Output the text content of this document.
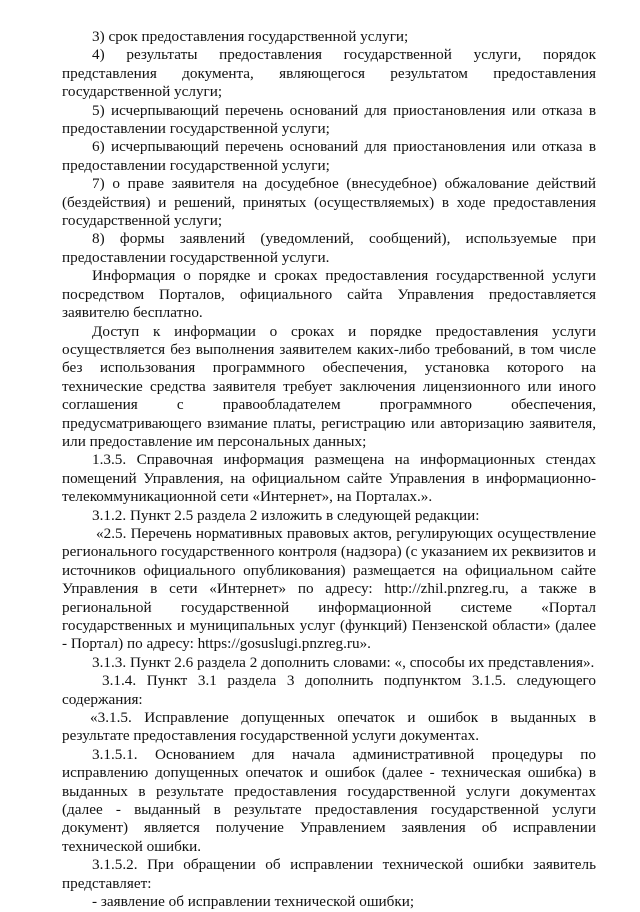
3) срок предоставления государственной услуги;

4) результаты предоставления государственной услуги, порядок представления документа, являющегося результатом предоставления государственной услуги;

5) исчерпывающий перечень оснований для приостановления или отказа в предоставлении государственной услуги;

6) исчерпывающий перечень оснований для приостановления или отказа в предоставлении государственной услуги;

7) о праве заявителя на досудебное (внесудебное) обжалование действий (бездействия) и решений, принятых (осуществляемых) в ходе предоставления государственной услуги;

8) формы заявлений (уведомлений, сообщений), используемые при предоставлении государственной услуги.

Информация о порядке и сроках предоставления государственной услуги посредством Порталов, официального сайта Управления предоставляется заявителю бесплатно.

Доступ к информации о сроках и порядке предоставления услуги осуществляется без выполнения заявителем каких-либо требований, в том числе без использования программного обеспечения, установка которого на технические средства заявителя требует заключения лицензионного или иного соглашения с правообладателем программного обеспечения, предусматривающего взимание платы, регистрацию или авторизацию заявителя, или предоставление им персональных данных;

1.3.5. Справочная информация размещена на информационных стендах помещений Управления, на официальном сайте Управления в информационно-телекоммуникационной сети «Интернет», на Порталах.».

3.1.2. Пункт 2.5 раздела 2 изложить в следующей редакции:

«2.5. Перечень нормативных правовых актов, регулирующих осуществление регионального государственного контроля (надзора) (с указанием их реквизитов и источников официального опубликования) размещается на официальном сайте Управления в сети «Интернет» по адресу: http://zhil.pnzreg.ru, а также в региональной государственной информационной системе «Портал государственных и муниципальных услуг (функций) Пензенской области» (далее - Портал) по адресу: https://gosuslugi.pnzreg.ru».

3.1.3. Пункт 2.6 раздела 2 дополнить словами: «, способы их представления».

3.1.4. Пункт 3.1 раздела 3 дополнить подпунктом 3.1.5. следующего содержания:

«3.1.5. Исправление допущенных опечаток и ошибок в выданных в результате предоставления государственной услуги документах.

3.1.5.1. Основанием для начала административной процедуры по исправлению допущенных опечаток и ошибок (далее - техническая ошибка) в выданных в результате предоставления государственной услуги документах (далее - выданный в результате предоставления государственной услуги документ) является получение Управлением заявления об исправлении технической ошибки.

3.1.5.2. При обращении об исправлении технической ошибки заявитель представляет:

- заявление об исправлении технической ошибки;
